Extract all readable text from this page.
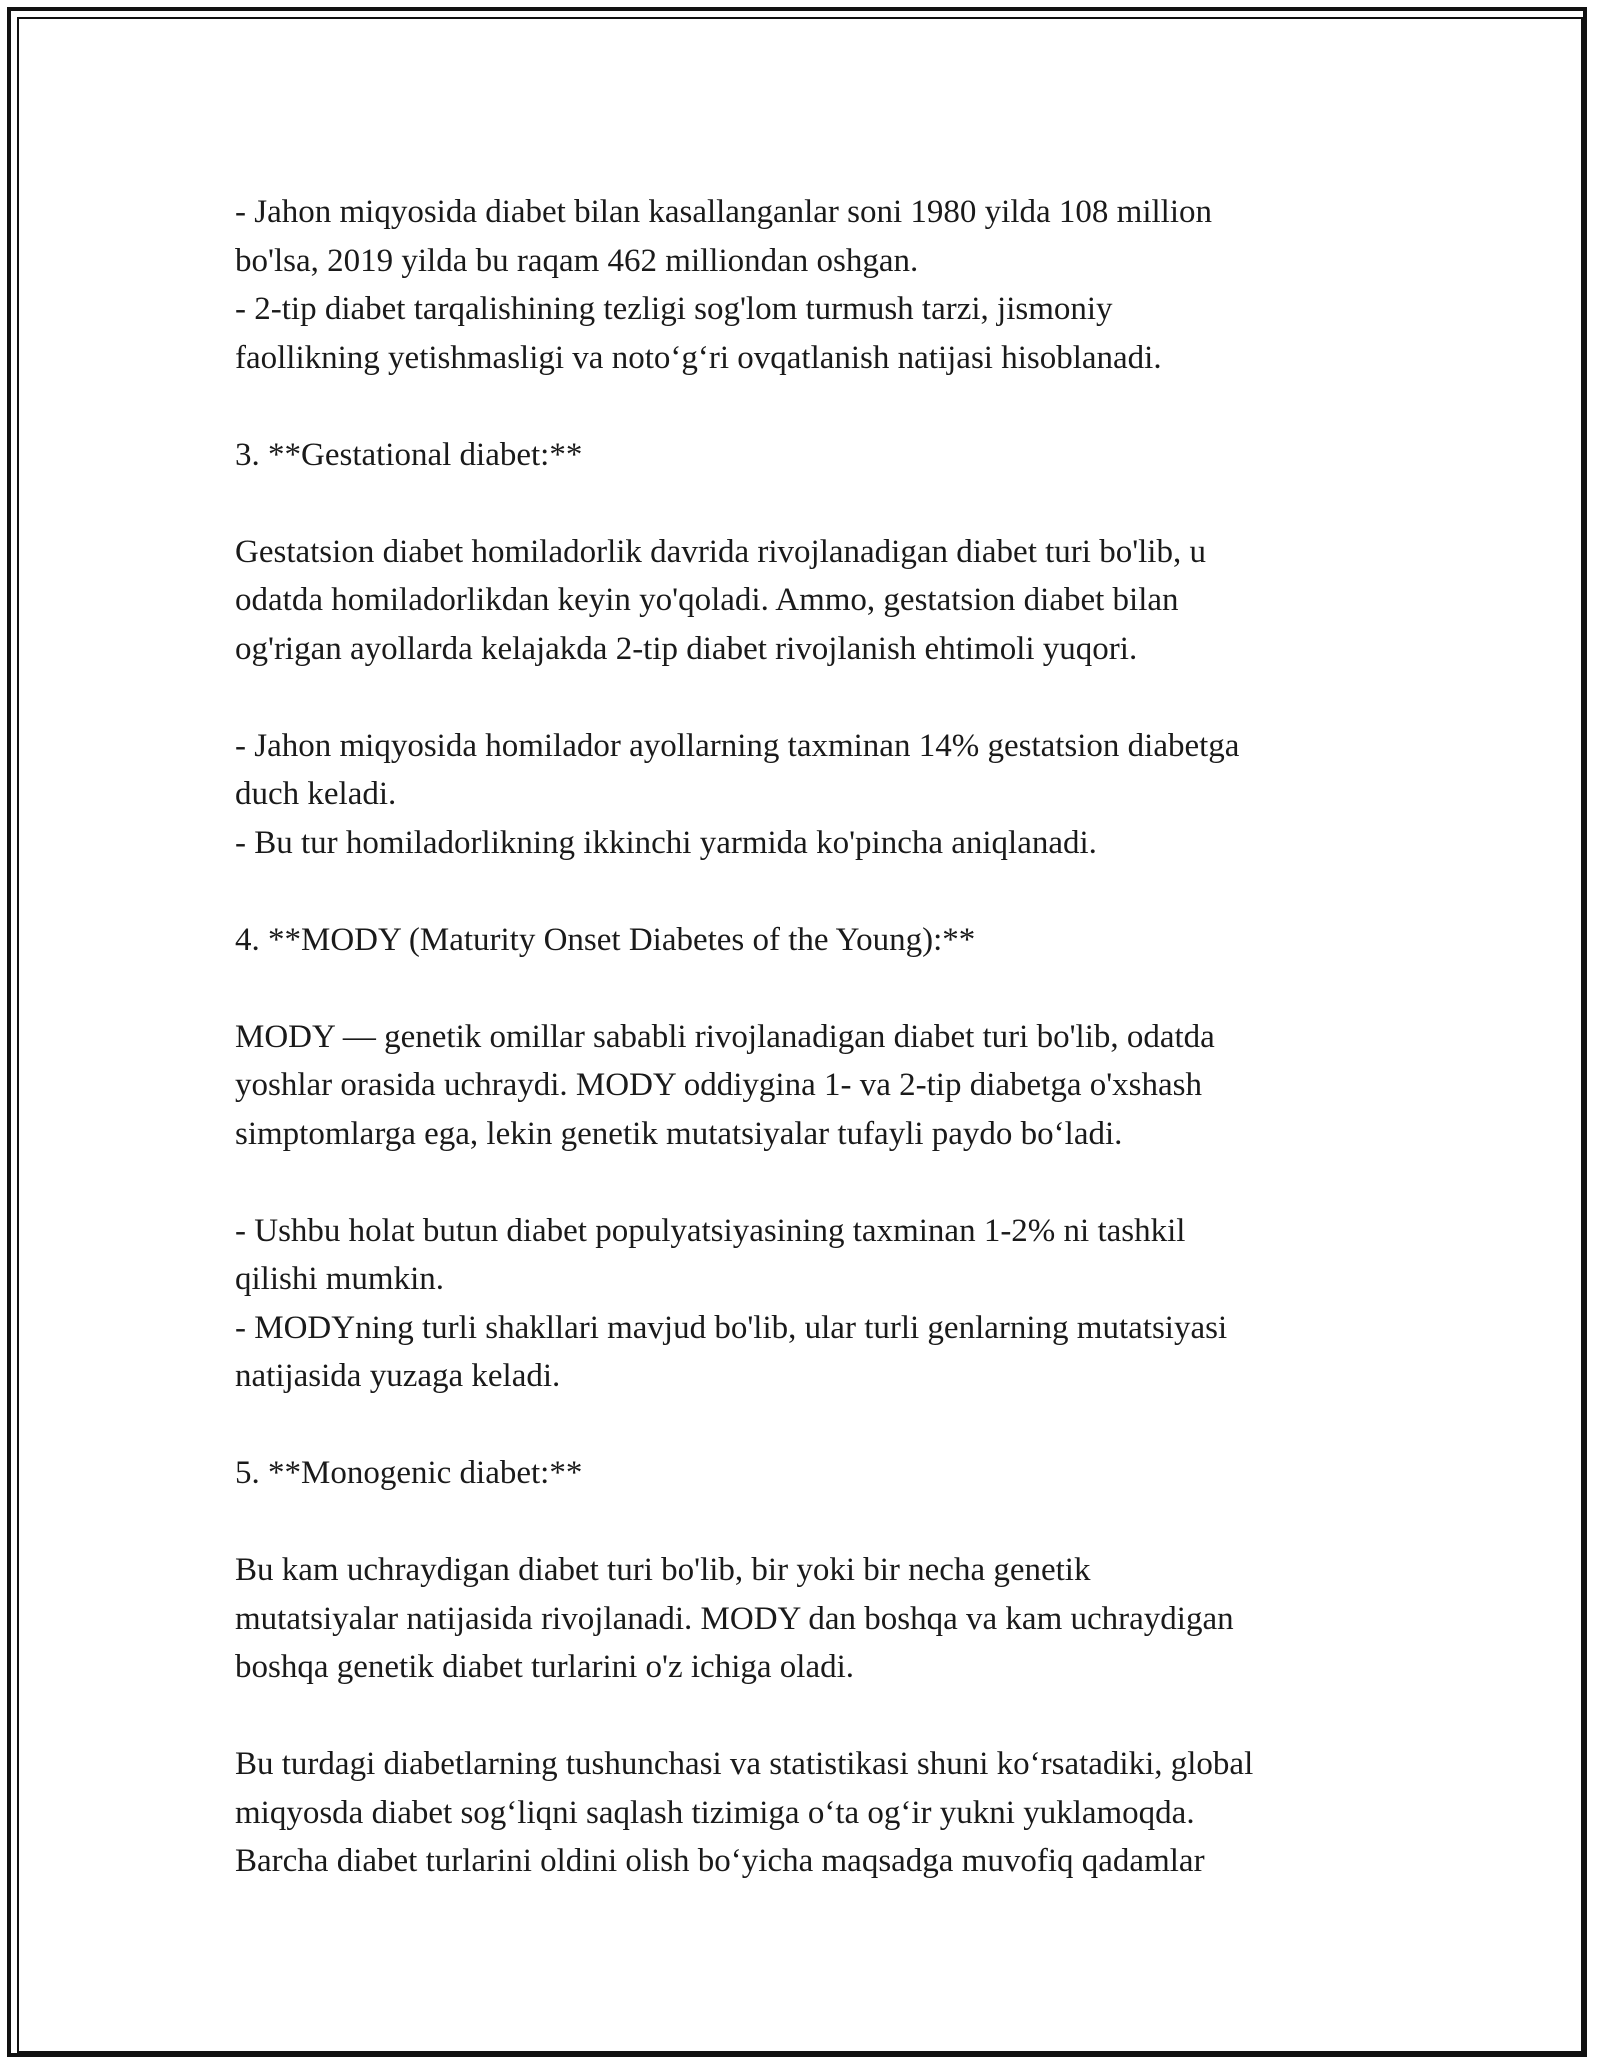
- Jahon miqyosida diabet bilan kasallanganlar soni 1980 yilda 108 million
bo'lsa, 2019 yilda bu raqam 462 milliondan oshgan.
- 2-tip diabet tarqalishining tezligi sog'lom turmush tarzi, jismoniy
faollikning yetishmasligi va noto‘g‘ri ovqatlanish natijasi hisoblanadi.
3. **Gestational diabet:**
Gestatsion diabet homiladorlik davrida rivojlanadigan diabet turi bo'lib, u
odatda homiladorlikdan keyin yo'qoladi. Ammo, gestatsion diabet bilan
og'rigan ayollarda kelajakda 2-tip diabet rivojlanish ehtimoli yuqori.
- Jahon miqyosida homilador ayollarning taxminan 14% gestatsion diabetga
duch keladi.
- Bu tur homiladorlikning ikkinchi yarmida ko'pincha aniqlanadi.
4. **MODY (Maturity Onset Diabetes of the Young):**
MODY — genetik omillar sababli rivojlanadigan diabet turi bo'lib, odatda
yoshlar orasida uchraydi. MODY oddiygina 1- va 2-tip diabetga o'xshash
simptomlarga ega, lekin genetik mutatsiyalar tufayli paydo bo‘ladi.
- Ushbu holat butun diabet populyatsiyasining taxminan 1-2% ni tashkil
qilishi mumkin.
- MODYning turli shakllari mavjud bo'lib, ular turli genlarning mutatsiyasi
natijasida yuzaga keladi.
5. **Monogenic diabet:**
Bu kam uchraydigan diabet turi bo'lib, bir yoki bir necha genetik
mutatsiyalar natijasida rivojlanadi. MODY dan boshqa va kam uchraydigan
boshqa genetik diabet turlarini o'z ichiga oladi.
Bu turdagi diabetlarning tushunchasi va statistikasi shuni ko‘rsatadiki, global
miqyosda diabet sog‘liqni saqlash tizimiga o‘ta og‘ir yukni yuklamoqda.
Barcha diabet turlarini oldini olish bo‘yicha maqsadga muvofiq qadamlar
